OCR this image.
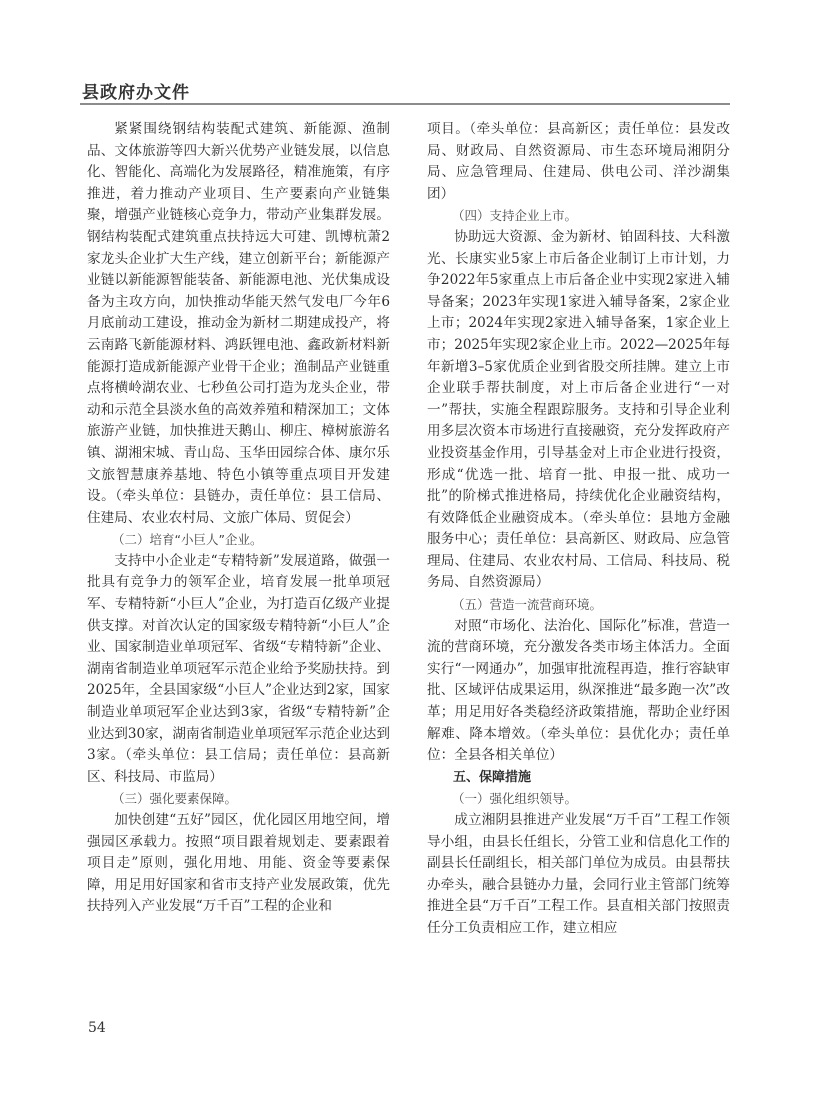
县政府办文件

紧紧围绕钢结构装配式建筑、新能源、渔制品、文体旅游等四大新兴优势产业链发展，以信息化、智能化、高端化为发展路径，精准施策，有序推进，着力推动产业项目、生产要素向产业链集聚，增强产业链核心竞争力，带动产业集群发展。钢结构装配式建筑重点扶持远大可建、凯博杭萧2家龙头企业扩大生产线，建立创新平台；新能源产业链以新能源智能装备、新能源电池、光伏集成设备为主攻方向，加快推动华能天然气发电厂今年6月底前动工建设，推动金为新材二期建成投产，将云南路飞新能源材料、鸿跃锂电池、鑫政新材料新能源打造成新能源产业骨干企业；渔制品产业链重点将横岭湖农业、七秒鱼公司打造为龙头企业，带动和示范全县淡水鱼的高效养殖和精深加工；文体旅游产业链，加快推进天鹅山、柳庄、樟树旅游名镇、湖湘宋城、青山岛、玉华田园综合体、康尔乐文旅智慧康养基地、特色小镇等重点项目开发建设。（牵头单位：县链办，责任单位：县工信局、住建局、农业农村局、文旅广体局、贸促会）

（二）培育“小巨人”企业。

支持中小企业走“专精特新”发展道路，做强一批具有竞争力的领军企业，培育发展一批单项冠军、专精特新“小巨人”企业，为打造百亿级产业提供支撑。对首次认定的国家级专精特新“小巨人”企业、国家制造业单项冠军、省级“专精特新”企业、湖南省制造业单项冠军示范企业给予奖励扶持。到2025年，全县国家级“小巨人”企业达到2家，国家制造业单项冠军企业达到3家，省级“专精特新”企业达到30家，湖南省制造业单项冠军示范企业达到3家。（牵头单位：县工信局；责任单位：县高新区、科技局、市监局）

（三）强化要素保障。

加快创建“五好”园区，优化园区用地空间，增强园区承载力。按照“项目跟着规划走、要素跟着项目走”原则，强化用地、用能、资金等要素保障，用足用好国家和省市支持产业发展政策，优先扶持列入产业发展“万千百”工程的企业和

项目。（牵头单位：县高新区；责任单位：县发改局、财政局、自然资源局、市生态环境局湘阴分局、应急管理局、住建局、供电公司、洋沙湖集团）

（四）支持企业上市。

协助远大资源、金为新材、铂固科技、大科激光、长康实业5家上市后备企业制订上市计划，力争2022年5家重点上市后备企业中实现2家进入辅导备案；2023年实现1家进入辅导备案，2家企业上市；2024年实现2家进入辅导备案，1家企业上市；2025年实现2家企业上市。2022—2025年每年新增3–5家优质企业到省股交所挂牌。建立上市企业联手帮扶制度，对上市后备企业进行“一对一”帮扶，实施全程跟踪服务。支持和引导企业利用多层次资本市场进行直接融资，充分发挥政府产业投资基金作用，引导基金对上市企业进行投资，形成“优选一批、培育一批、申报一批、成功一批”的阶梯式推进格局，持续优化企业融资结构，有效降低企业融资成本。（牵头单位：县地方金融服务中心；责任单位：县高新区、财政局、应急管理局、住建局、农业农村局、工信局、科技局、税务局、自然资源局）

（五）营造一流营商环境。

对照“市场化、法治化、国际化”标准，营造一流的营商环境，充分激发各类市场主体活力。全面实行“一网通办”，加强审批流程再造，推行容缺审批、区域评估成果运用，纵深推进“最多跑一次”改革；用足用好各类稳经济政策措施，帮助企业纾困解难、降本增效。（牵头单位：县优化办；责任单位：全县各相关单位）

五、保障措施

（一）强化组织领导。

成立湘阴县推进产业发展“万千百”工程工作领导小组，由县长任组长，分管工业和信息化工作的副县长任副组长，相关部门单位为成员。由县帮扶办牵头，融合县链办力量，会同行业主管部门统筹推进全县“万千百”工程工作。县直相关部门按照责任分工负责相应工作，建立相应

54
